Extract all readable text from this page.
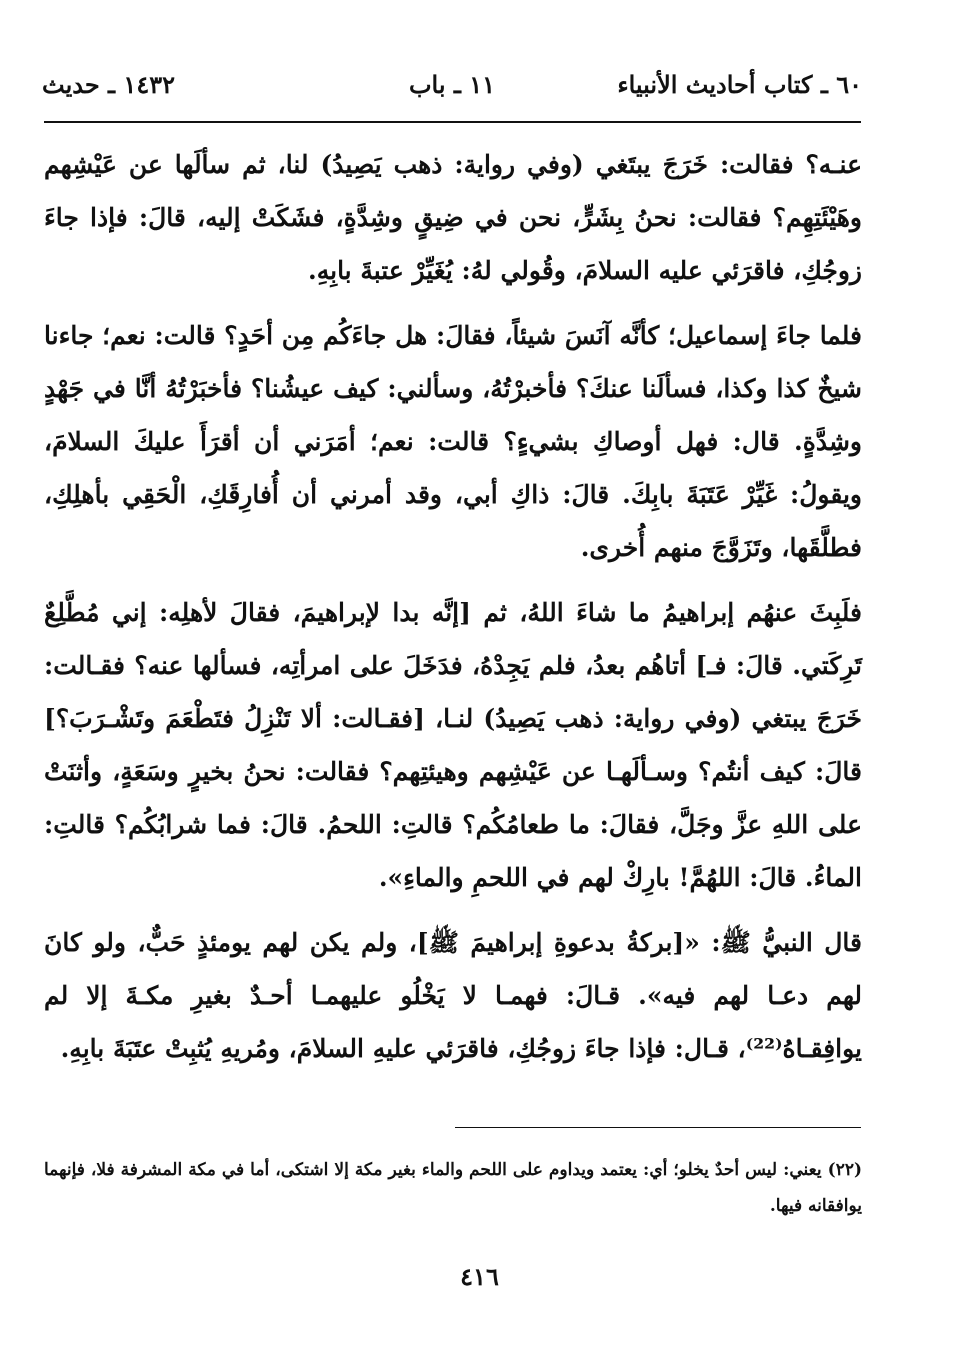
٦٠ ـ كتاب أحاديث الأنبياء
١١ ـ باب
١٤٣٢ ـ حديث

عنـه؟ فقالت: خَرَجَ يبتَغي (وفي رواية: ذهب يَصِيدُ) لنا، ثم سألَها عن عَيْشِهم وهَيْئَتِهِم؟ فقالت: نحنُ بِشَرٍّ، نحن في ضِيقٍ وشِدَّةٍ، فشَكَتْ إليه، قالَ: فإذا جاءَ زوجُكِ، فاقرَئي عليه السلامَ، وقُولي لهُ: يُغَيِّرْ عتبةَ بابِهِ.

فلما جاءَ إسماعيل؛ كأنَّه آنَسَ شيئاً، فقالَ: هل جاءَكُم مِن أحَدٍ؟ قالت: نعم؛ جاءنا شيخٌ كذا وكذا، فسألَنا عنكَ؟ فأخبرْتُهُ، وسألني: كيف عيشُنا؟ فأخبَرْتُهُ أنَّا في جَهْدٍ وشِدَّةٍ. قال: فهل أوصاكِ بشيءٍ؟ قالت: نعم؛ أمَرَني أن أقرَأَ عليكَ السلامَ، ويقولُ: غَيِّرْ عَتَبَةَ بابِكَ. قالَ: ذاكِ أبي، وقد أمرني أن أُفارِقَكِ، الْحَقِي بأهلِكِ، فطلَّقَها، وتَزَوَّجَ منهم أُخرى.

فلَبِثَ عنهُم إبراهيمُ ما شاءَ اللهُ، ثم [إنَّه بدا لإبراهيمَ، فقالَ لأهلِه: إني مُطَّلِعٌ تَرِكَتي. قالَ: فـ] أتاهُم بعدُ، فلم يَجِدْهُ، فدَخَلَ على امرأتِه، فسألها عنه؟ فقـالت: خَرَجَ يبتغي (وفي رواية: ذهب يَصِيدُ) لنـا، [فقـالت: ألا تَنْزِلُ فتَطْعَمَ وتَشْـرَبَ؟] قالَ: كيف أنتُم؟ وسـألَهـا عن عَيْشِهم وهيئتِهم؟ فقالت: نحنُ بخيرٍ وسَعَةٍ، وأثنَتْ على اللهِ عزَّ وجَلَّ، فقالَ: ما طعامُكُم؟ قالتِ: اللحمُ. قالَ: فما شرابُكُم؟ قالتِ: الماءُ. قالَ: اللهُمَّ! بارِكْ لهم في اللحمِ والماءِ».

قال النبيُّ ﷺ: «[بركةُ بدعوةِ إبراهيمَ ﷺ]، ولم يكن لهم يومئذٍ حَبٌّ، ولو كانَ لهم دعـا لهم فيه». قـالَ: فهمـا لا يَخْلُو عليهمـا أحـدٌ بغيرِ مكـةَ إلا لم يوافِقـاهُ⁽²²⁾، قـال: فإذا جاءَ زوجُكِ، فاقرَئي عليهِ السلامَ، ومُريهِ يُثبِتْ عتَبَةَ بابِهِ.

(٢٢) يعني: ليس أحدٌ يخلو؛ أي: يعتمد ويداوم على اللحم والماء بغير مكة إلا اشتكى، أما في مكة المشرفة فلا، فإنهما يوافقانه فيها.
٤١٦
